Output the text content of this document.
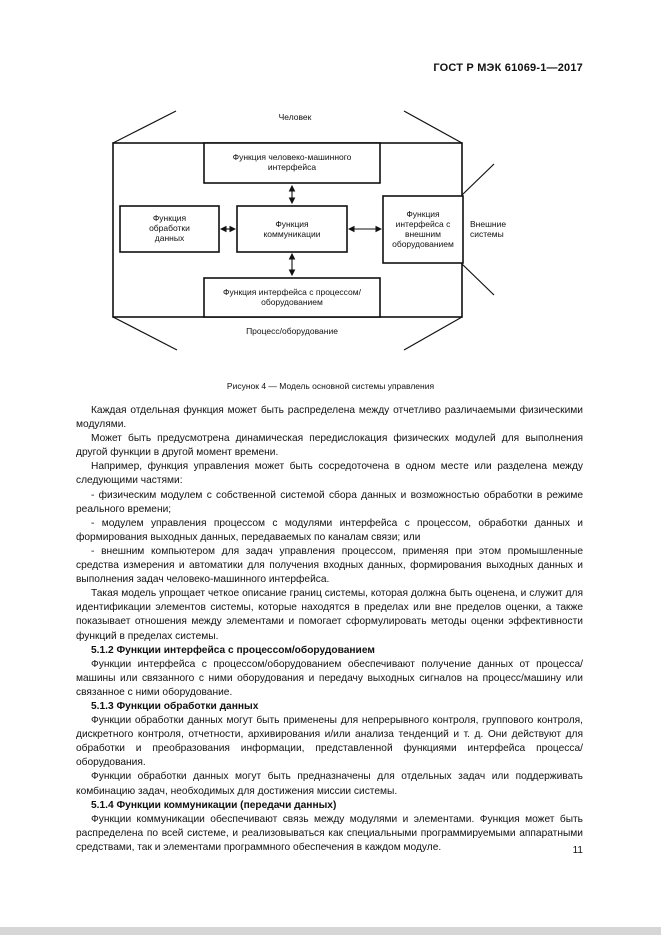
ГОСТ Р МЭК 61069-1—2017
Человек
Функция человеко-машинного интерфейса
Функция обработки данных
Функция коммуникации
Функция интерфейса с внешним оборудованием
Внешние системы
Функция интерфейса с процессом/оборудованием
Процесс/оборудование
Рисунок 4 — Модель основной системы управления

Каждая отдельная функция может быть распределена между отчетливо различаемыми физическими модулями.

Может быть предусмотрена динамическая передислокация физических модулей для выполнения другой функции в другой момент времени.

Например, функция управления может быть сосредоточена в одном месте или разделена между следующими частями:

- физическим модулем с собственной системой сбора данных и возможностью обработки в режиме реального времени;

- модулем управления процессом с модулями интерфейса с процессом, обработки данных и формирования выходных данных, передаваемых по каналам связи; или

- внешним компьютером для задач управления процессом, применяя при этом промышленные средства измерения и автоматики для получения входных данных, формирования выходных данных и выполнения задач человеко-машинного интерфейса.

Такая модель упрощает четкое описание границ системы, которая должна быть оценена, и служит для идентификации элементов системы, которые находятся в пределах или вне пределов оценки, а также показывает отношения между элементами и помогает сформулировать методы оценки эффективности функций в пределах системы.

5.1.2 Функции интерфейса с процессом/оборудованием

Функции интерфейса с процессом/оборудованием обеспечивают получение данных от процесса/машины или связанного с ними оборудования и передачу выходных сигналов на процесс/машину или связанное с ними оборудование.

5.1.3 Функции обработки данных

Функции обработки данных могут быть применены для непрерывного контроля, группового контроля, дискретного контроля, отчетности, архивирования и/или анализа тенденций и т. д. Они действуют для обработки и преобразования информации, представленной функциями интерфейса процесса/оборудования.

Функции обработки данных могут быть предназначены для отдельных задач или поддерживать комбинацию задач, необходимых для достижения миссии системы.

5.1.4 Функции коммуникации (передачи данных)

Функции коммуникации обеспечивают связь между модулями и элементами. Функция может быть распределена по всей системе, и реализовываться как специальными программируемыми аппаратными средствами, так и элементами программного обеспечения в каждом модуле.	11
